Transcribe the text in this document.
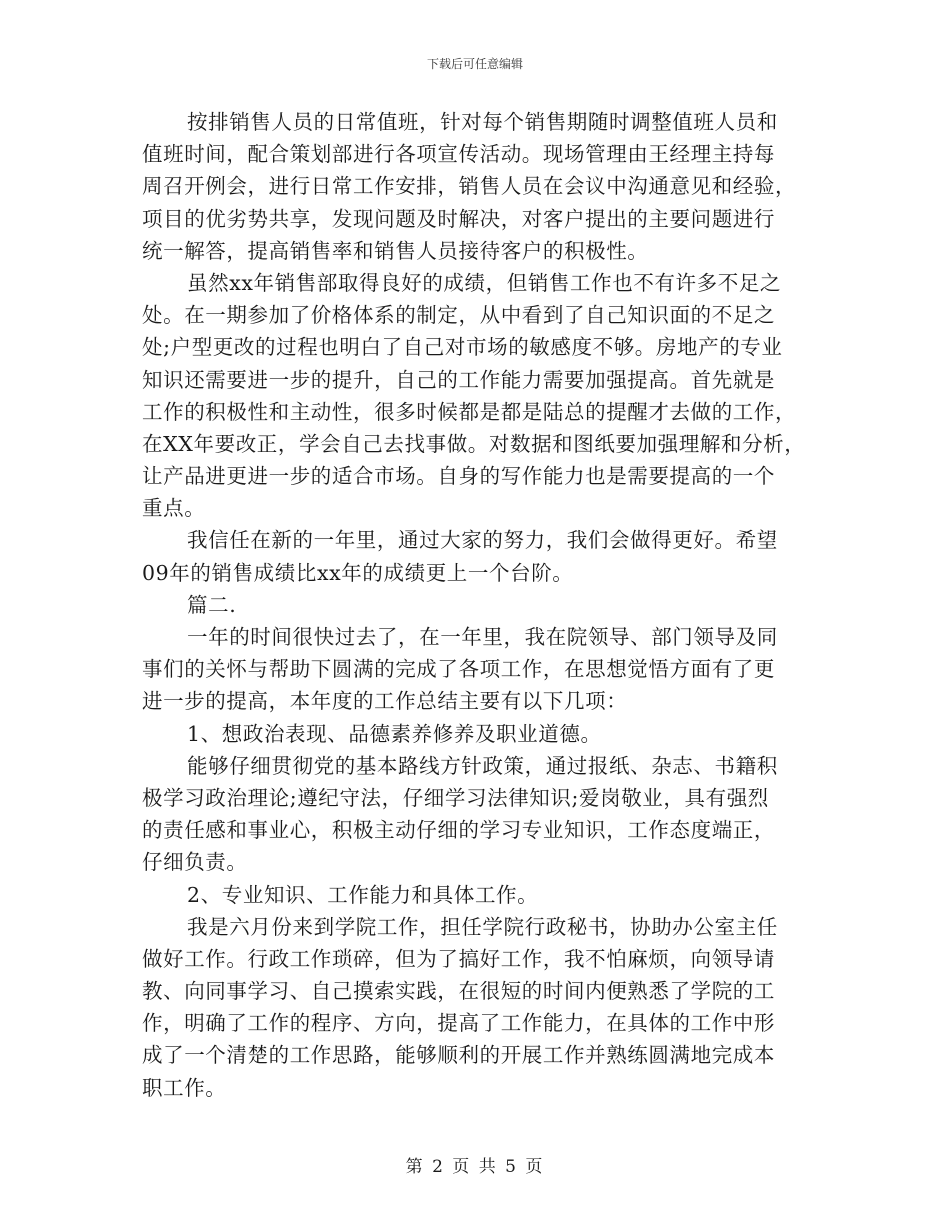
下载后可任意编辑
按排销售人员的日常值班，针对每个销售期随时调整值班人员和
值班时间，配合策划部进行各项宣传活动。现场管理由王经理主持每
周召开例会，进行日常工作安排，销售人员在会议中沟通意见和经验，
项目的优劣势共享，发现问题及时解决，对客户提出的主要问题进行
统一解答，提高销售率和销售人员接待客户的积极性。
虽然xx年销售部取得良好的成绩，但销售工作也不有许多不足之
处。在一期参加了价格体系的制定，从中看到了自己知识面的不足之
处;户型更改的过程也明白了自己对市场的敏感度不够。房地产的专业
知识还需要进一步的提升，自己的工作能力需要加强提高。首先就是
工作的积极性和主动性，很多时候都是都是陆总的提醒才去做的工作，
在XX年要改正，学会自己去找事做。对数据和图纸要加强理解和分析，
让产品进更进一步的适合市场。自身的写作能力也是需要提高的一个
重点。
我信任在新的一年里，通过大家的努力，我们会做得更好。希望
09年的销售成绩比xx年的成绩更上一个台阶。
篇二.
一年的时间很快过去了，在一年里，我在院领导、部门领导及同
事们的关怀与帮助下圆满的完成了各项工作，在思想觉悟方面有了更
进一步的提高，本年度的工作总结主要有以下几项：
1、想政治表现、品德素养修养及职业道德。
能够仔细贯彻党的基本路线方针政策，通过报纸、杂志、书籍积
极学习政治理论;遵纪守法，仔细学习法律知识;爱岗敬业，具有强烈
的责任感和事业心，积极主动仔细的学习专业知识，工作态度端正，
仔细负责。
2、专业知识、工作能力和具体工作。
我是六月份来到学院工作，担任学院行政秘书，协助办公室主任
做好工作。行政工作琐碎，但为了搞好工作，我不怕麻烦，向领导请
教、向同事学习、自己摸索实践，在很短的时间内便熟悉了学院的工
作，明确了工作的程序、方向，提高了工作能力，在具体的工作中形
成了一个清楚的工作思路，能够顺利的开展工作并熟练圆满地完成本
职工作。
第 2 页 共 5 页
